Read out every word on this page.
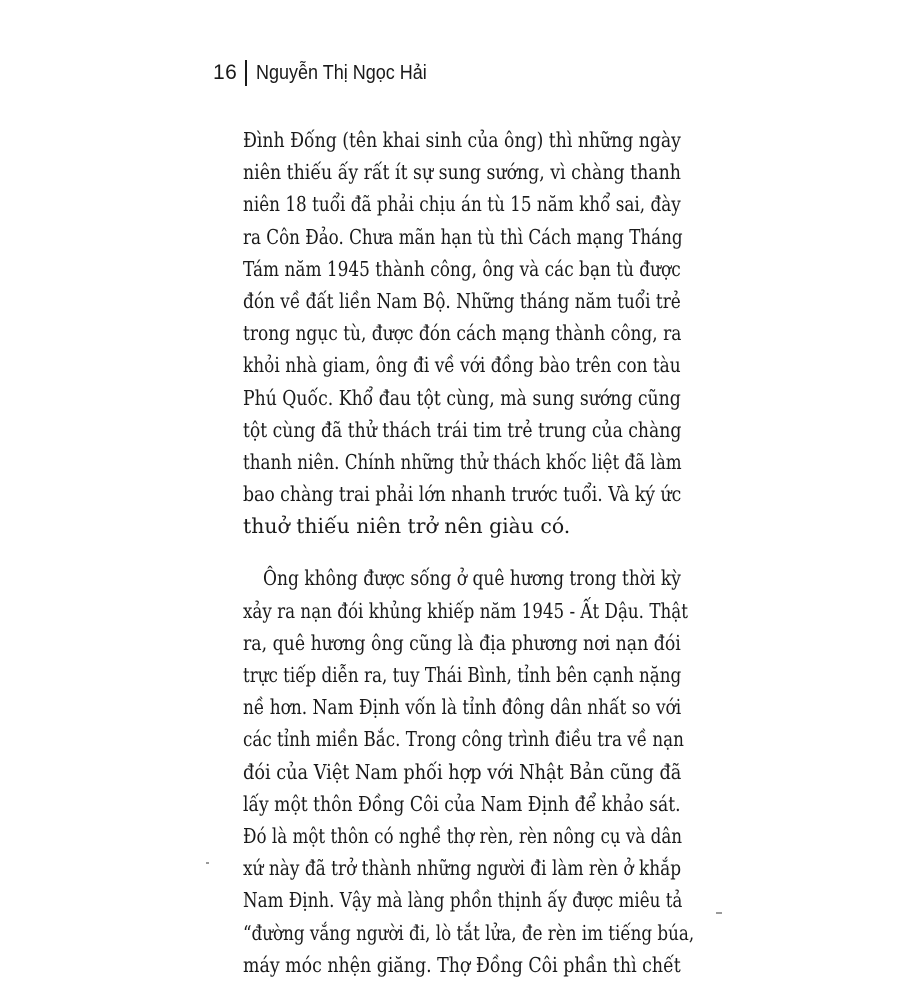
16 Nguyễn Thị Ngọc Hải
Đình Đống (tên khai sinh của ông) thì những ngày
niên thiếu ấy rất ít sự sung sướng, vì chàng thanh
niên 18 tuổi đã phải chịu án tù 15 năm khổ sai, đày
ra Côn Đảo. Chưa mãn hạn tù thì Cách mạng Tháng
Tám năm 1945 thành công, ông và các bạn tù được
đón về đất liền Nam Bộ. Những tháng năm tuổi trẻ
trong ngục tù, được đón cách mạng thành công, ra
khỏi nhà giam, ông đi về với đồng bào trên con tàu
Phú Quốc. Khổ đau tột cùng, mà sung sướng cũng
tột cùng đã thử thách trái tim trẻ trung của chàng
thanh niên. Chính những thử thách khốc liệt đã làm
bao chàng trai phải lớn nhanh trước tuổi. Và ký ức
thuở thiếu niên trở nên giàu có.
Ông không được sống ở quê hương trong thời kỳ
xảy ra nạn đói khủng khiếp năm 1945 - Ất Dậu. Thật
ra, quê hương ông cũng là địa phương nơi nạn đói
trực tiếp diễn ra, tuy Thái Bình, tỉnh bên cạnh nặng
nề hơn. Nam Định vốn là tỉnh đông dân nhất so với
các tỉnh miền Bắc. Trong công trình điều tra về nạn
đói của Việt Nam phối hợp với Nhật Bản cũng đã
lấy một thôn Đồng Côi của Nam Định để khảo sát.
Đó là một thôn có nghề thợ rèn, rèn nông cụ và dân
xứ này đã trở thành những người đi làm rèn ở khắp
Nam Định. Vậy mà làng phồn thịnh ấy được miêu tả
“đường vắng người đi, lò tắt lửa, đe rèn im tiếng búa,
máy móc nhện giăng. Thợ Đồng Côi phần thì chết
